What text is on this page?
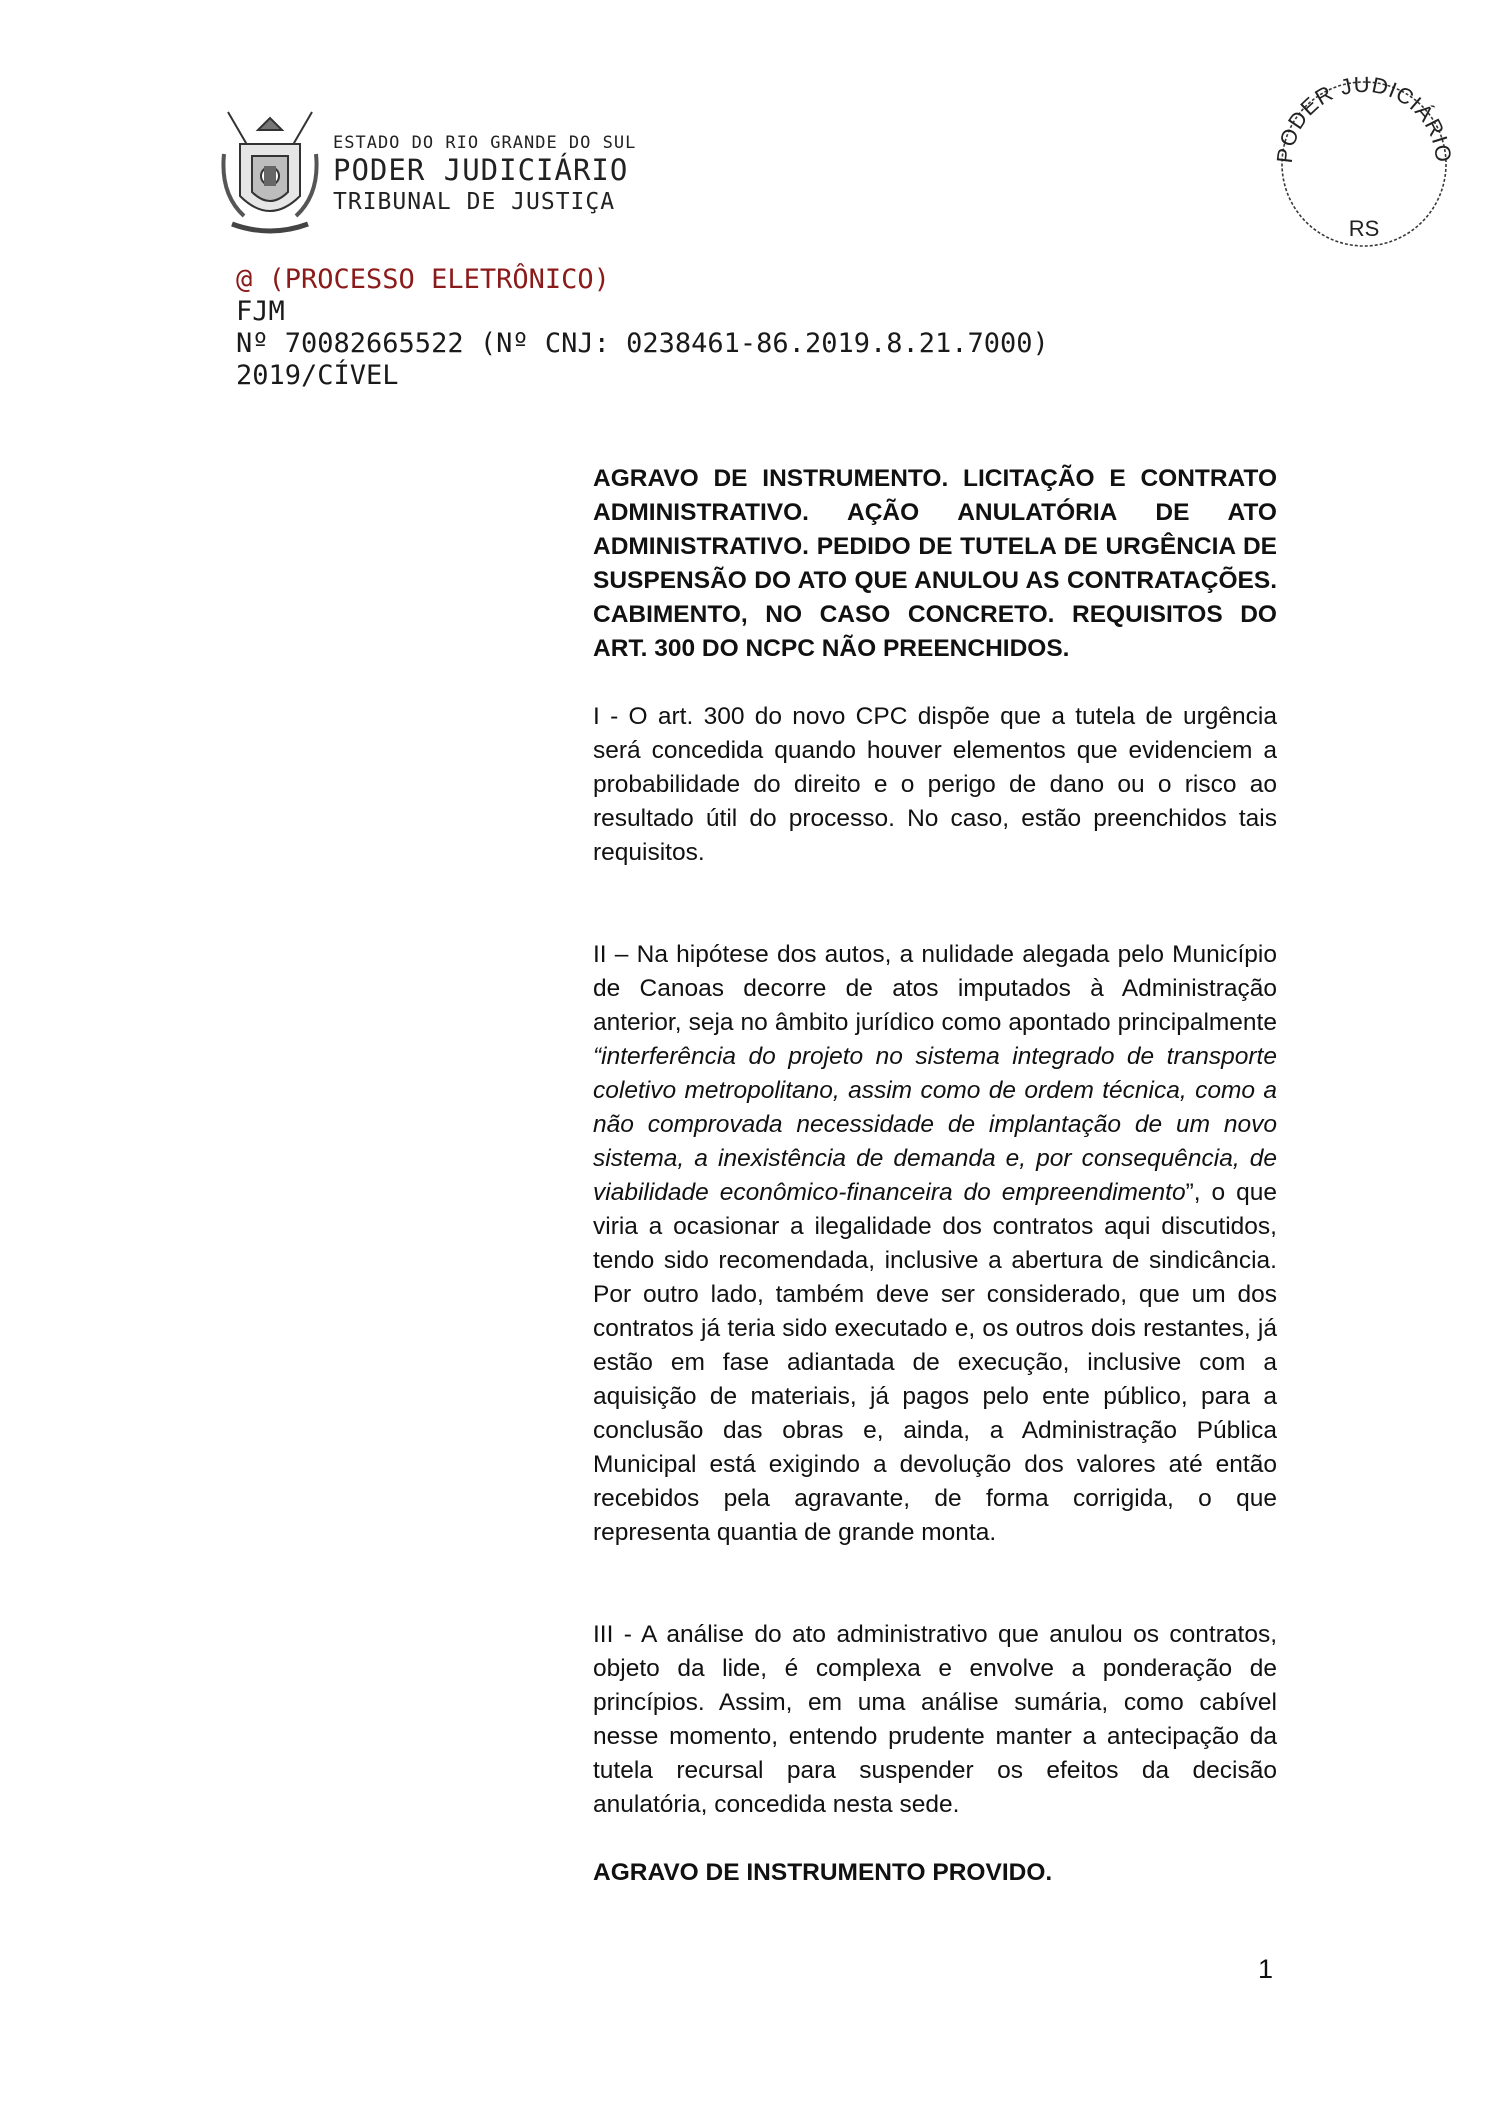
ESTADO DO RIO GRANDE DO SUL
PODER JUDICIÁRIO
TRIBUNAL DE JUSTIÇA
PODER JUDICIÁRIO
RS
@ (PROCESSO ELETRÔNICO)
FJM
Nº 70082665522 (Nº CNJ: 0238461-86.2019.8.21.7000)
2019/CÍVEL

AGRAVO DE INSTRUMENTO. LICITAÇÃO E CONTRATO ADMINISTRATIVO. AÇÃO ANULATÓRIA DE ATO ADMINISTRATIVO. PEDIDO DE TUTELA DE URGÊNCIA DE SUSPENSÃO DO ATO QUE ANULOU AS CONTRATAÇÕES. CABIMENTO, NO CASO CONCRETO. REQUISITOS DO ART. 300 DO NCPC NÃO PREENCHIDOS.

I - O art. 300 do novo CPC dispõe que a tutela de urgência será concedida quando houver elementos que evidenciem a probabilidade do direito e o perigo de dano ou o risco ao resultado útil do processo. No caso, estão preenchidos tais requisitos.

II – Na hipótese dos autos, a nulidade alegada pelo Município de Canoas decorre de atos imputados à Administração anterior, seja no âmbito jurídico como apontado principalmente “interferência do projeto no sistema integrado de transporte coletivo metropolitano, assim como de ordem técnica, como a não comprovada necessidade de implantação de um novo sistema, a inexistência de demanda e, por consequência, de viabilidade econômico-financeira do empreendimento”, o que viria a ocasionar a ilegalidade dos contratos aqui discutidos, tendo sido recomendada, inclusive a abertura de sindicância. Por outro lado, também deve ser considerado, que um dos contratos já teria sido executado e, os outros dois restantes, já estão em fase adiantada de execução, inclusive com a aquisição de materiais, já pagos pelo ente público, para a conclusão das obras e, ainda, a Administração Pública Municipal está exigindo a devolução dos valores até então recebidos pela agravante, de forma corrigida, o que representa quantia de grande monta.

III - A análise do ato administrativo que anulou os contratos, objeto da lide, é complexa e envolve a ponderação de princípios. Assim, em uma análise sumária, como cabível nesse momento, entendo prudente manter a antecipação da tutela recursal para suspender os efeitos da decisão anulatória, concedida nesta sede.

AGRAVO DE INSTRUMENTO PROVIDO.

1
